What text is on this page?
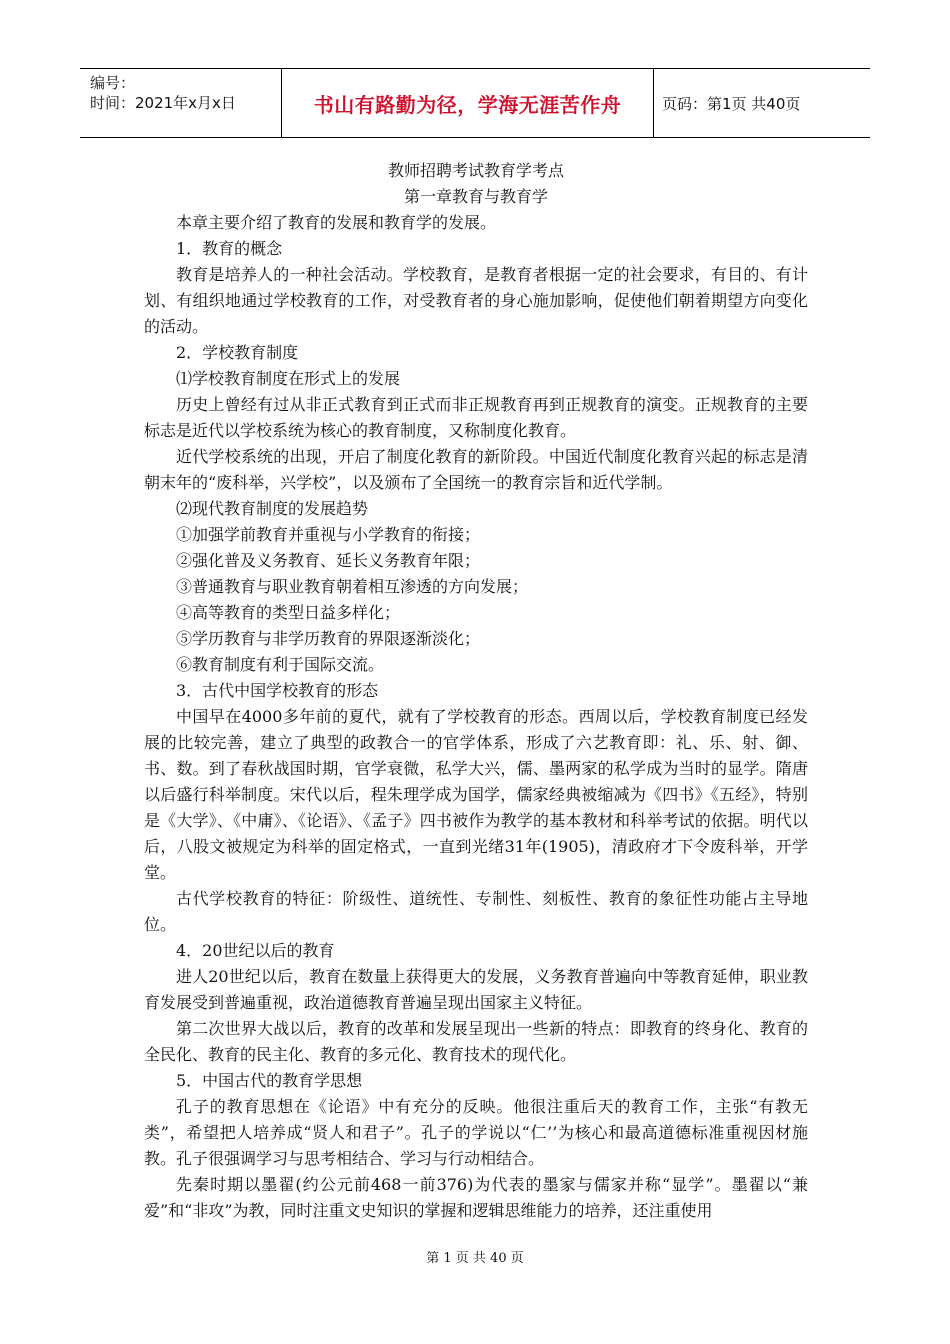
编号：
时间：2021年x月x日	书山有路勤为径，学海无涯苦作舟	页码：第1页 共40页
教师招聘考试教育学考点
第一章教育与教育学

本章主要介绍了教育的发展和教育学的发展。

1．教育的概念

教育是培养人的一种社会活动。学校教育，是教育者根据一定的社会要求，有目的、有计划、有组织地通过学校教育的工作，对受教育者的身心施加影响，促使他们朝着期望方向变化的活动。

2．学校教育制度

⑴学校教育制度在形式上的发展

历史上曾经有过从非正式教育到正式而非正规教育再到正规教育的演变。正规教育的主要标志是近代以学校系统为核心的教育制度，又称制度化教育。

近代学校系统的出现，开启了制度化教育的新阶段。中国近代制度化教育兴起的标志是清朝末年的“废科举，兴学校”，以及颁布了全国统一的教育宗旨和近代学制。

⑵现代教育制度的发展趋势

①加强学前教育并重视与小学教育的衔接；

②强化普及义务教育、延长义务教育年限；

③普通教育与职业教育朝着相互渗透的方向发展；

④高等教育的类型日益多样化；

⑤学历教育与非学历教育的界限逐渐淡化；

⑥教育制度有利于国际交流。

3．古代中国学校教育的形态

中国早在4000多年前的夏代，就有了学校教育的形态。西周以后，学校教育制度已经发展的比较完善，建立了典型的政教合一的官学体系，形成了六艺教育即：礼、乐、射、御、书、数。到了春秋战国时期，官学衰微，私学大兴，儒、墨两家的私学成为当时的显学。隋唐以后盛行科举制度。宋代以后，程朱理学成为国学，儒家经典被缩减为《四书》《五经》，特别是《大学》、《中庸》、《论语》、《孟子》四书被作为教学的基本教材和科举考试的依据。明代以后，八股文被规定为科举的固定格式，一直到光绪31年(1905)，清政府才下令废科举，开学堂。

古代学校教育的特征：阶级性、道统性、专制性、刻板性、教育的象征性功能占主导地位。

4．20世纪以后的教育

进人20世纪以后，教育在数量上获得更大的发展，义务教育普遍向中等教育延伸，职业教育发展受到普遍重视，政治道德教育普遍呈现出国家主义特征。

第二次世界大战以后，教育的改革和发展呈现出一些新的特点：即教育的终身化、教育的全民化、教育的民主化、教育的多元化、教育技术的现代化。

5．中国古代的教育学思想

孔子的教育思想在《论语》中有充分的反映。他很注重后天的教育工作，主张“有教无类”，希望把人培养成“贤人和君子”。孔子的学说以“仁’’为核心和最高道德标准重视因材施教。孔子很强调学习与思考相结合、学习与行动相结合。

先秦时期以墨翟(约公元前468一前376)为代表的墨家与儒家并称“显学”。墨翟以“兼爱”和“非攻”为教，同时注重文史知识的掌握和逻辑思维能力的培养，还注重使用

第 1 页 共 40 页
